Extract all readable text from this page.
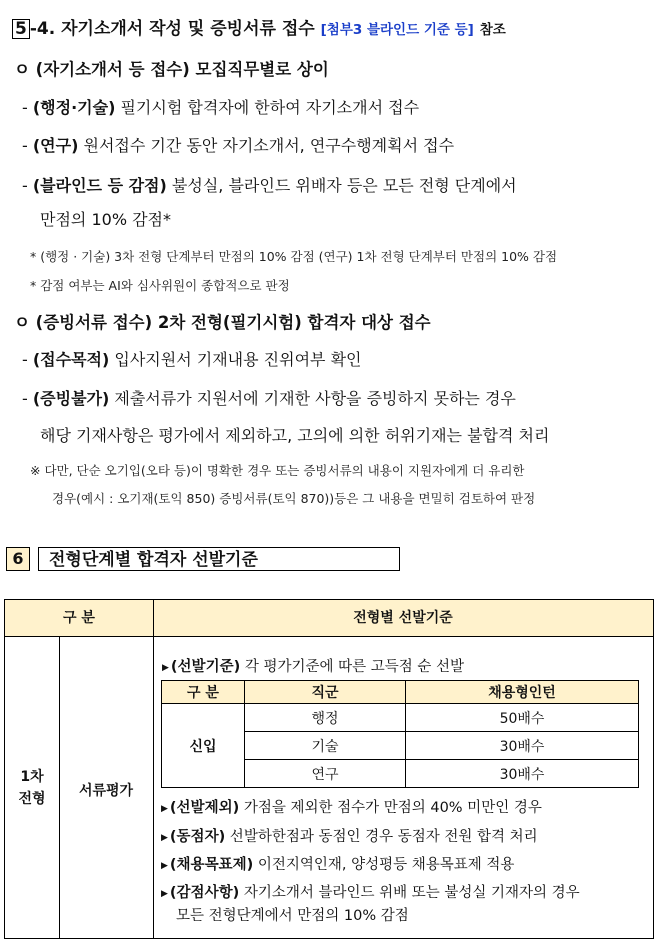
5 -4. 자기소개서 작성 및 증빙서류 접수 [첨부3 블라인드 기준 등] 참조
ㅇ (자기소개서 등 접수) 모집직무별로 상이
- (행정·기술) 필기시험 합격자에 한하여 자기소개서 접수
- (연구) 원서접수 기간 동안 자기소개서, 연구수행계획서 접수
- (블라인드 등 감점) 불성실, 블라인드 위배자 등은 모든 전형 단계에서
만점의 10% 감점*
* (행정 · 기술) 3차 전형 단계부터 만점의 10% 감점 (연구) 1차 전형 단계부터 만점의 10% 감점
* 감점 여부는 AI와 심사위원이 종합적으로 판정
ㅇ (증빙서류 접수) 2차 전형(필기시험) 합격자 대상 접수
- (접수목적) 입사지원서 기재내용 진위여부 확인
- (증빙불가) 제출서류가 지원서에 기재한 사항을 증빙하지 못하는 경우
해당 기재사항은 평가에서 제외하고, 고의에 의한 허위기재는 불합격 처리
※ 다만, 단순 오기입(오타 등)이 명확한 경우 또는 증빙서류의 내용이 지원자에게 더 유리한
경우(예시 : 오기재(토익 850) 증빙서류(토익 870))등은 그 내용을 면밀히 검토하여 판정
6	전형단계별 합격자 선발기준
구 분	전형별 선발기준
1차
전형	서류평가
▶ (선발기준) 각 평가기준에 따른 고득점 순 선발
구 분	직군	채용형인턴
신입	행정	50배수
	기술	30배수
	연구	30배수
▶ (선발제외) 가점을 제외한 점수가 만점의 40% 미만인 경우
▶ (동점자) 선발하한점과 동점인 경우 동점자 전원 합격 처리
▶ (채용목표제) 이전지역인재, 양성평등 채용목표제 적용
▶ (감점사항) 자기소개서 블라인드 위배 또는 불성실 기재자의 경우
모든 전형단계에서 만점의 10% 감점
